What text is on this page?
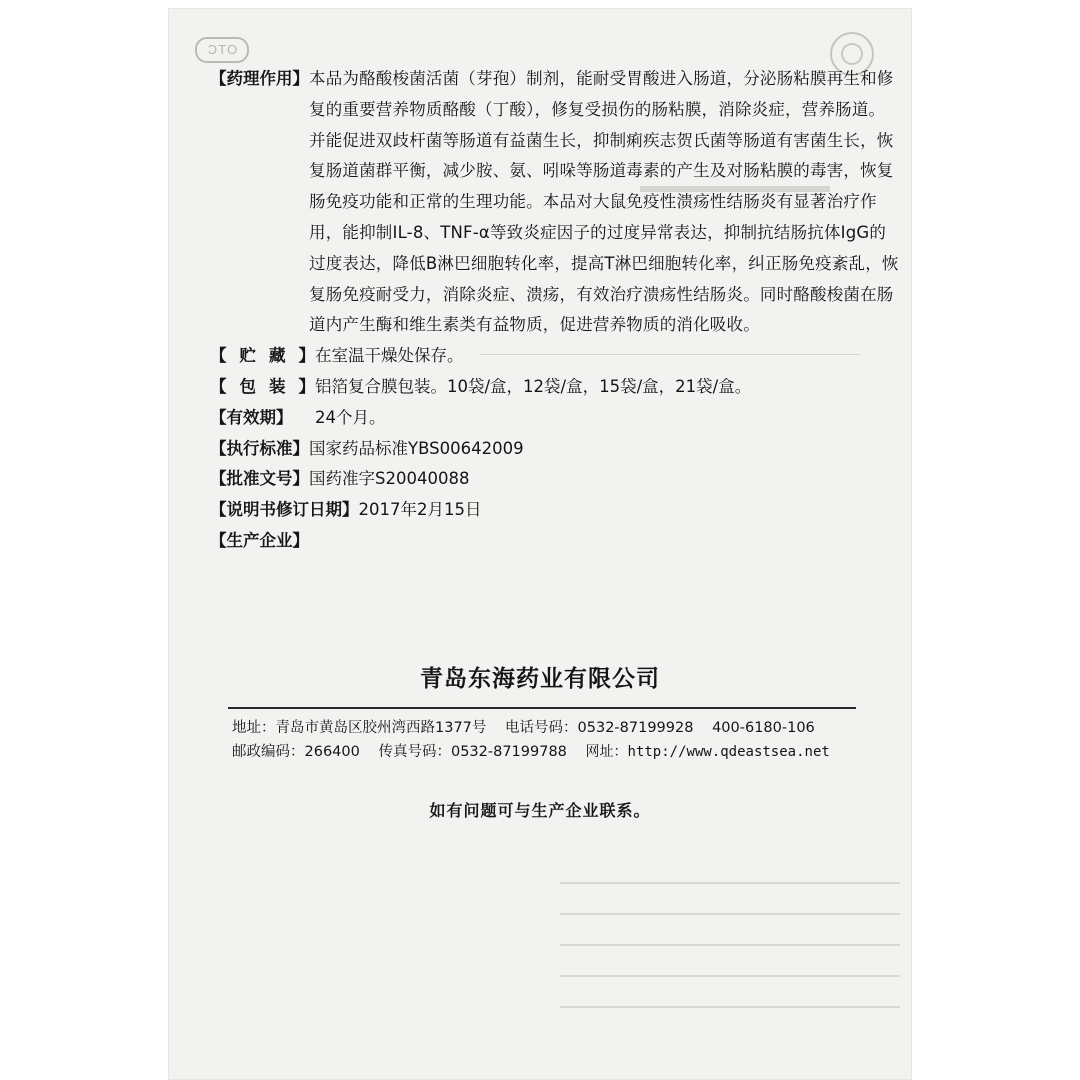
OTC
【药理作用】 本品为酪酸梭菌活菌（芽孢）制剂，能耐受胃酸进入肠道，分泌肠粘膜再生和修复的重要营养物质酪酸（丁酸），修复受损伤的肠粘膜，消除炎症，营养肠道。并能促进双歧杆菌等肠道有益菌生长，抑制痢疾志贺氏菌等肠道有害菌生长，恢复肠道菌群平衡，减少胺、氨、吲哚等肠道毒素的产生及对肠粘膜的毒害，恢复肠免疫功能和正常的生理功能。本品对大鼠免疫性溃疡性结肠炎有显著治疗作用，能抑制IL-8、TNF-α等致炎症因子的过度异常表达，抑制抗结肠抗体IgG的过度表达，降低B淋巴细胞转化率，提高T淋巴细胞转化率，纠正肠免疫紊乱，恢复肠免疫耐受力，消除炎症、溃疡，有效治疗溃疡性结肠炎。同时酪酸梭菌在肠道内产生酶和维生素类有益物质，促进营养物质的消化吸收。
【 贮 藏 】 在室温干燥处保存。
【 包 装 】 铝箔复合膜包装。10袋/盒，12袋/盒，15袋/盒，21袋/盒。
【有效期】	24个月。
【执行标准】 国家药品标准YBS00642009
【批准文号】 国药准字S20040088
【说明书修订日期】 2017年2月15日
【生产企业】
青岛东海药业有限公司
地址：青岛市黄岛区胶州湾西路1377号 电话号码：0532-87199928 400-6180-106
邮政编码：266400 传真号码：0532-87199788 网址：http://www.qdeastsea.net
如有问题可与生产企业联系。
